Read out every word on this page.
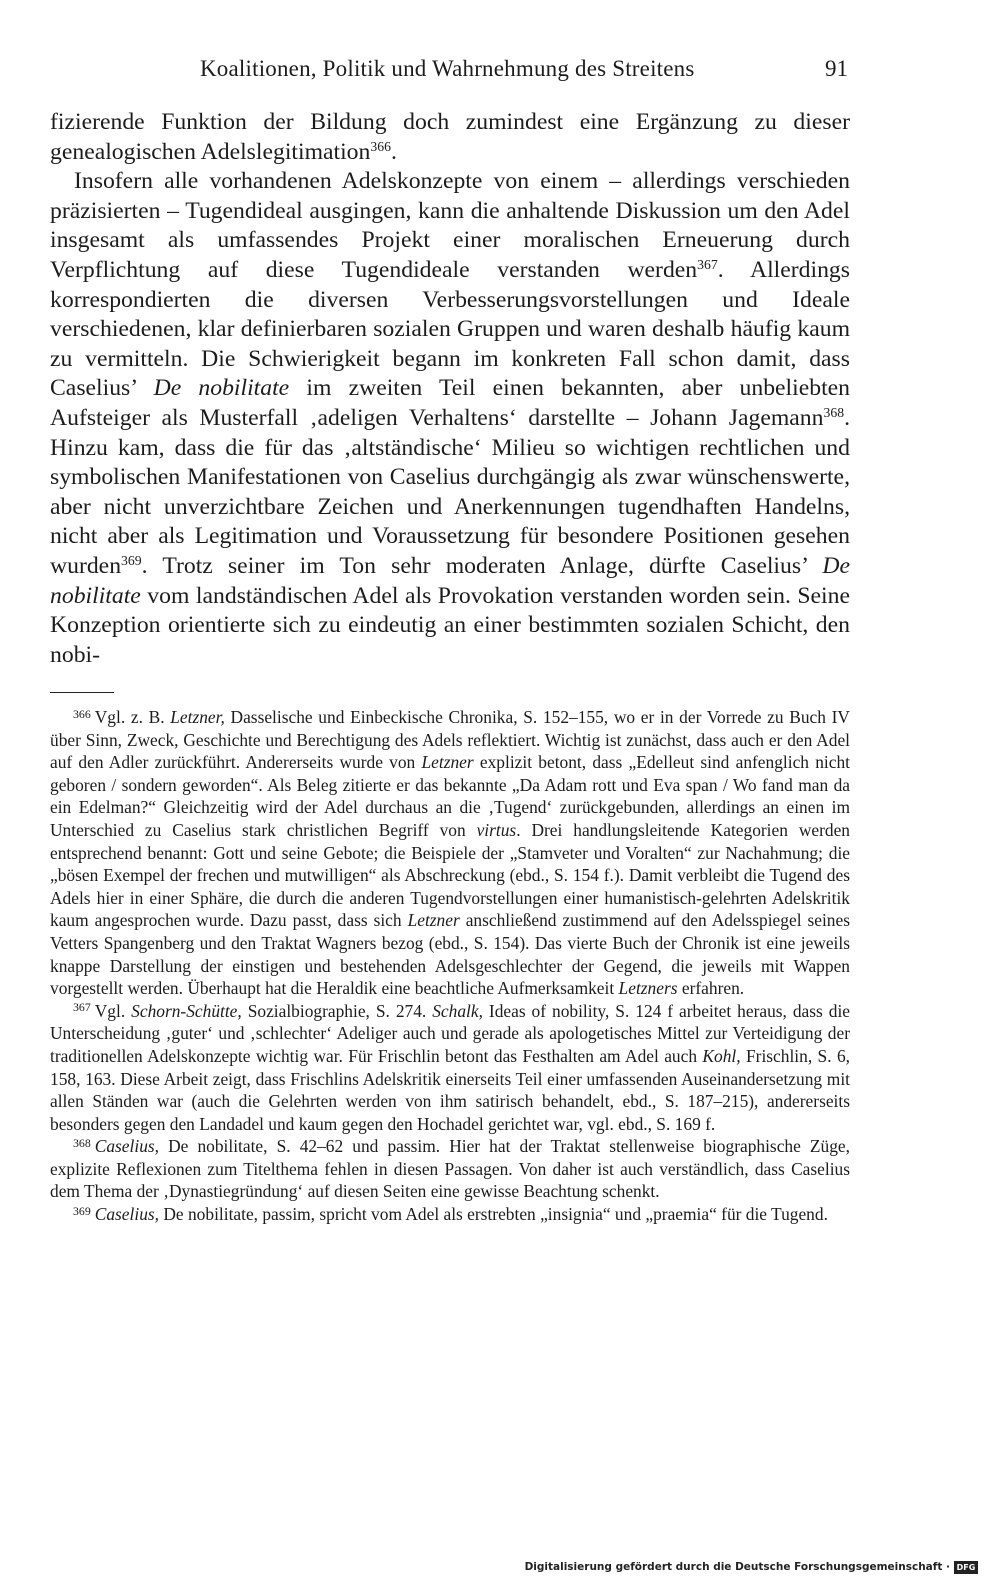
Koalitionen, Politik und Wahrnehmung des Streitens	91

fizierende Funktion der Bildung doch zumindest eine Ergänzung zu dieser genealogischen Adelslegitimation$^{366}$.

Insofern alle vorhandenen Adelskonzepte von einem – allerdings verschieden präzisierten – Tugendideal ausgingen, kann die anhaltende Diskussion um den Adel insgesamt als umfassendes Projekt einer moralischen Erneuerung durch Verpflichtung auf diese Tugendideale verstanden werden$^{367}$. Allerdings korrespondierten die diversen Verbesserungsvorstellungen und Ideale verschiedenen, klar definierbaren sozialen Gruppen und waren deshalb häufig kaum zu vermitteln. Die Schwierigkeit begann im konkreten Fall schon damit, dass Caselius’ De nobilitate im zweiten Teil einen bekannten, aber unbeliebten Aufsteiger als Musterfall ‚adeligen Verhaltens‘ darstellte – Johann Jagemann$^{368}$. Hinzu kam, dass die für das ‚altständische‘ Milieu so wichtigen rechtlichen und symbolischen Manifestationen von Caselius durchgängig als zwar wünschenswerte, aber nicht unverzichtbare Zeichen und Anerkennungen tugendhaften Handelns, nicht aber als Legitimation und Voraussetzung für besondere Positionen gesehen wurden$^{369}$. Trotz seiner im Ton sehr moderaten Anlage, dürfte Caselius’ De nobilitate vom landständischen Adel als Provokation verstanden worden sein. Seine Konzeption orientierte sich zu eindeutig an einer bestimmten sozialen Schicht, den nobi-

$^{366}$ Vgl. z. B. Letzner, Dasselische und Einbeckische Chronika, S. 152–155, wo er in der Vorrede zu Buch IV über Sinn, Zweck, Geschichte und Berechtigung des Adels reflektiert. Wichtig ist zunächst, dass auch er den Adel auf den Adler zurückführt. Andererseits wurde von Letzner explizit betont, dass „Edelleut sind anfenglich nicht geboren / sondern geworden“. Als Beleg zitierte er das bekannte „Da Adam rott und Eva span / Wo fand man da ein Edelman?“ Gleichzeitig wird der Adel durchaus an die ‚Tugend‘ zurückgebunden, allerdings an einen im Unterschied zu Caselius stark christlichen Begriff von virtus. Drei handlungsleitende Kategorien werden entsprechend benannt: Gott und seine Gebote; die Beispiele der „Stamveter und Voralten“ zur Nachahmung; die „bösen Exempel der frechen und mutwilligen“ als Abschreckung (ebd., S. 154 f.). Damit verbleibt die Tugend des Adels hier in einer Sphäre, die durch die anderen Tugendvorstellungen einer humanistisch-gelehrten Adelskritik kaum angesprochen wurde. Dazu passt, dass sich Letzner anschließend zustimmend auf den Adelsspiegel seines Vetters Spangenberg und den Traktat Wagners bezog (ebd., S. 154). Das vierte Buch der Chronik ist eine jeweils knappe Darstellung der einstigen und bestehenden Adelsgeschlechter der Gegend, die jeweils mit Wappen vorgestellt werden. Überhaupt hat die Heraldik eine beachtliche Aufmerksamkeit Letzners erfahren.

$^{367}$ Vgl. Schorn-Schütte, Sozialbiographie, S. 274. Schalk, Ideas of nobility, S. 124 f arbeitet heraus, dass die Unterscheidung ‚guter‘ und ‚schlechter‘ Adeliger auch und gerade als apologetisches Mittel zur Verteidigung der traditionellen Adelskonzepte wichtig war. Für Frischlin betont das Festhalten am Adel auch Kohl, Frischlin, S. 6, 158, 163. Diese Arbeit zeigt, dass Frischlins Adelskritik einerseits Teil einer umfassenden Auseinandersetzung mit allen Ständen war (auch die Gelehrten werden von ihm satirisch behandelt, ebd., S. 187–215), andererseits besonders gegen den Landadel und kaum gegen den Hochadel gerichtet war, vgl. ebd., S. 169 f.

$^{368}$ Caselius, De nobilitate, S. 42–62 und passim. Hier hat der Traktat stellenweise biographische Züge, explizite Reflexionen zum Titelthema fehlen in diesen Passagen. Von daher ist auch verständlich, dass Caselius dem Thema der ‚Dynastiegründung‘ auf diesen Seiten eine gewisse Beachtung schenkt.

$^{369}$ Caselius, De nobilitate, passim, spricht vom Adel als erstrebten „insignia“ und „praemia“ für die Tugend.

Digitalisierung gefördert durch die Deutsche Forschungsgemeinschaft · DFG
